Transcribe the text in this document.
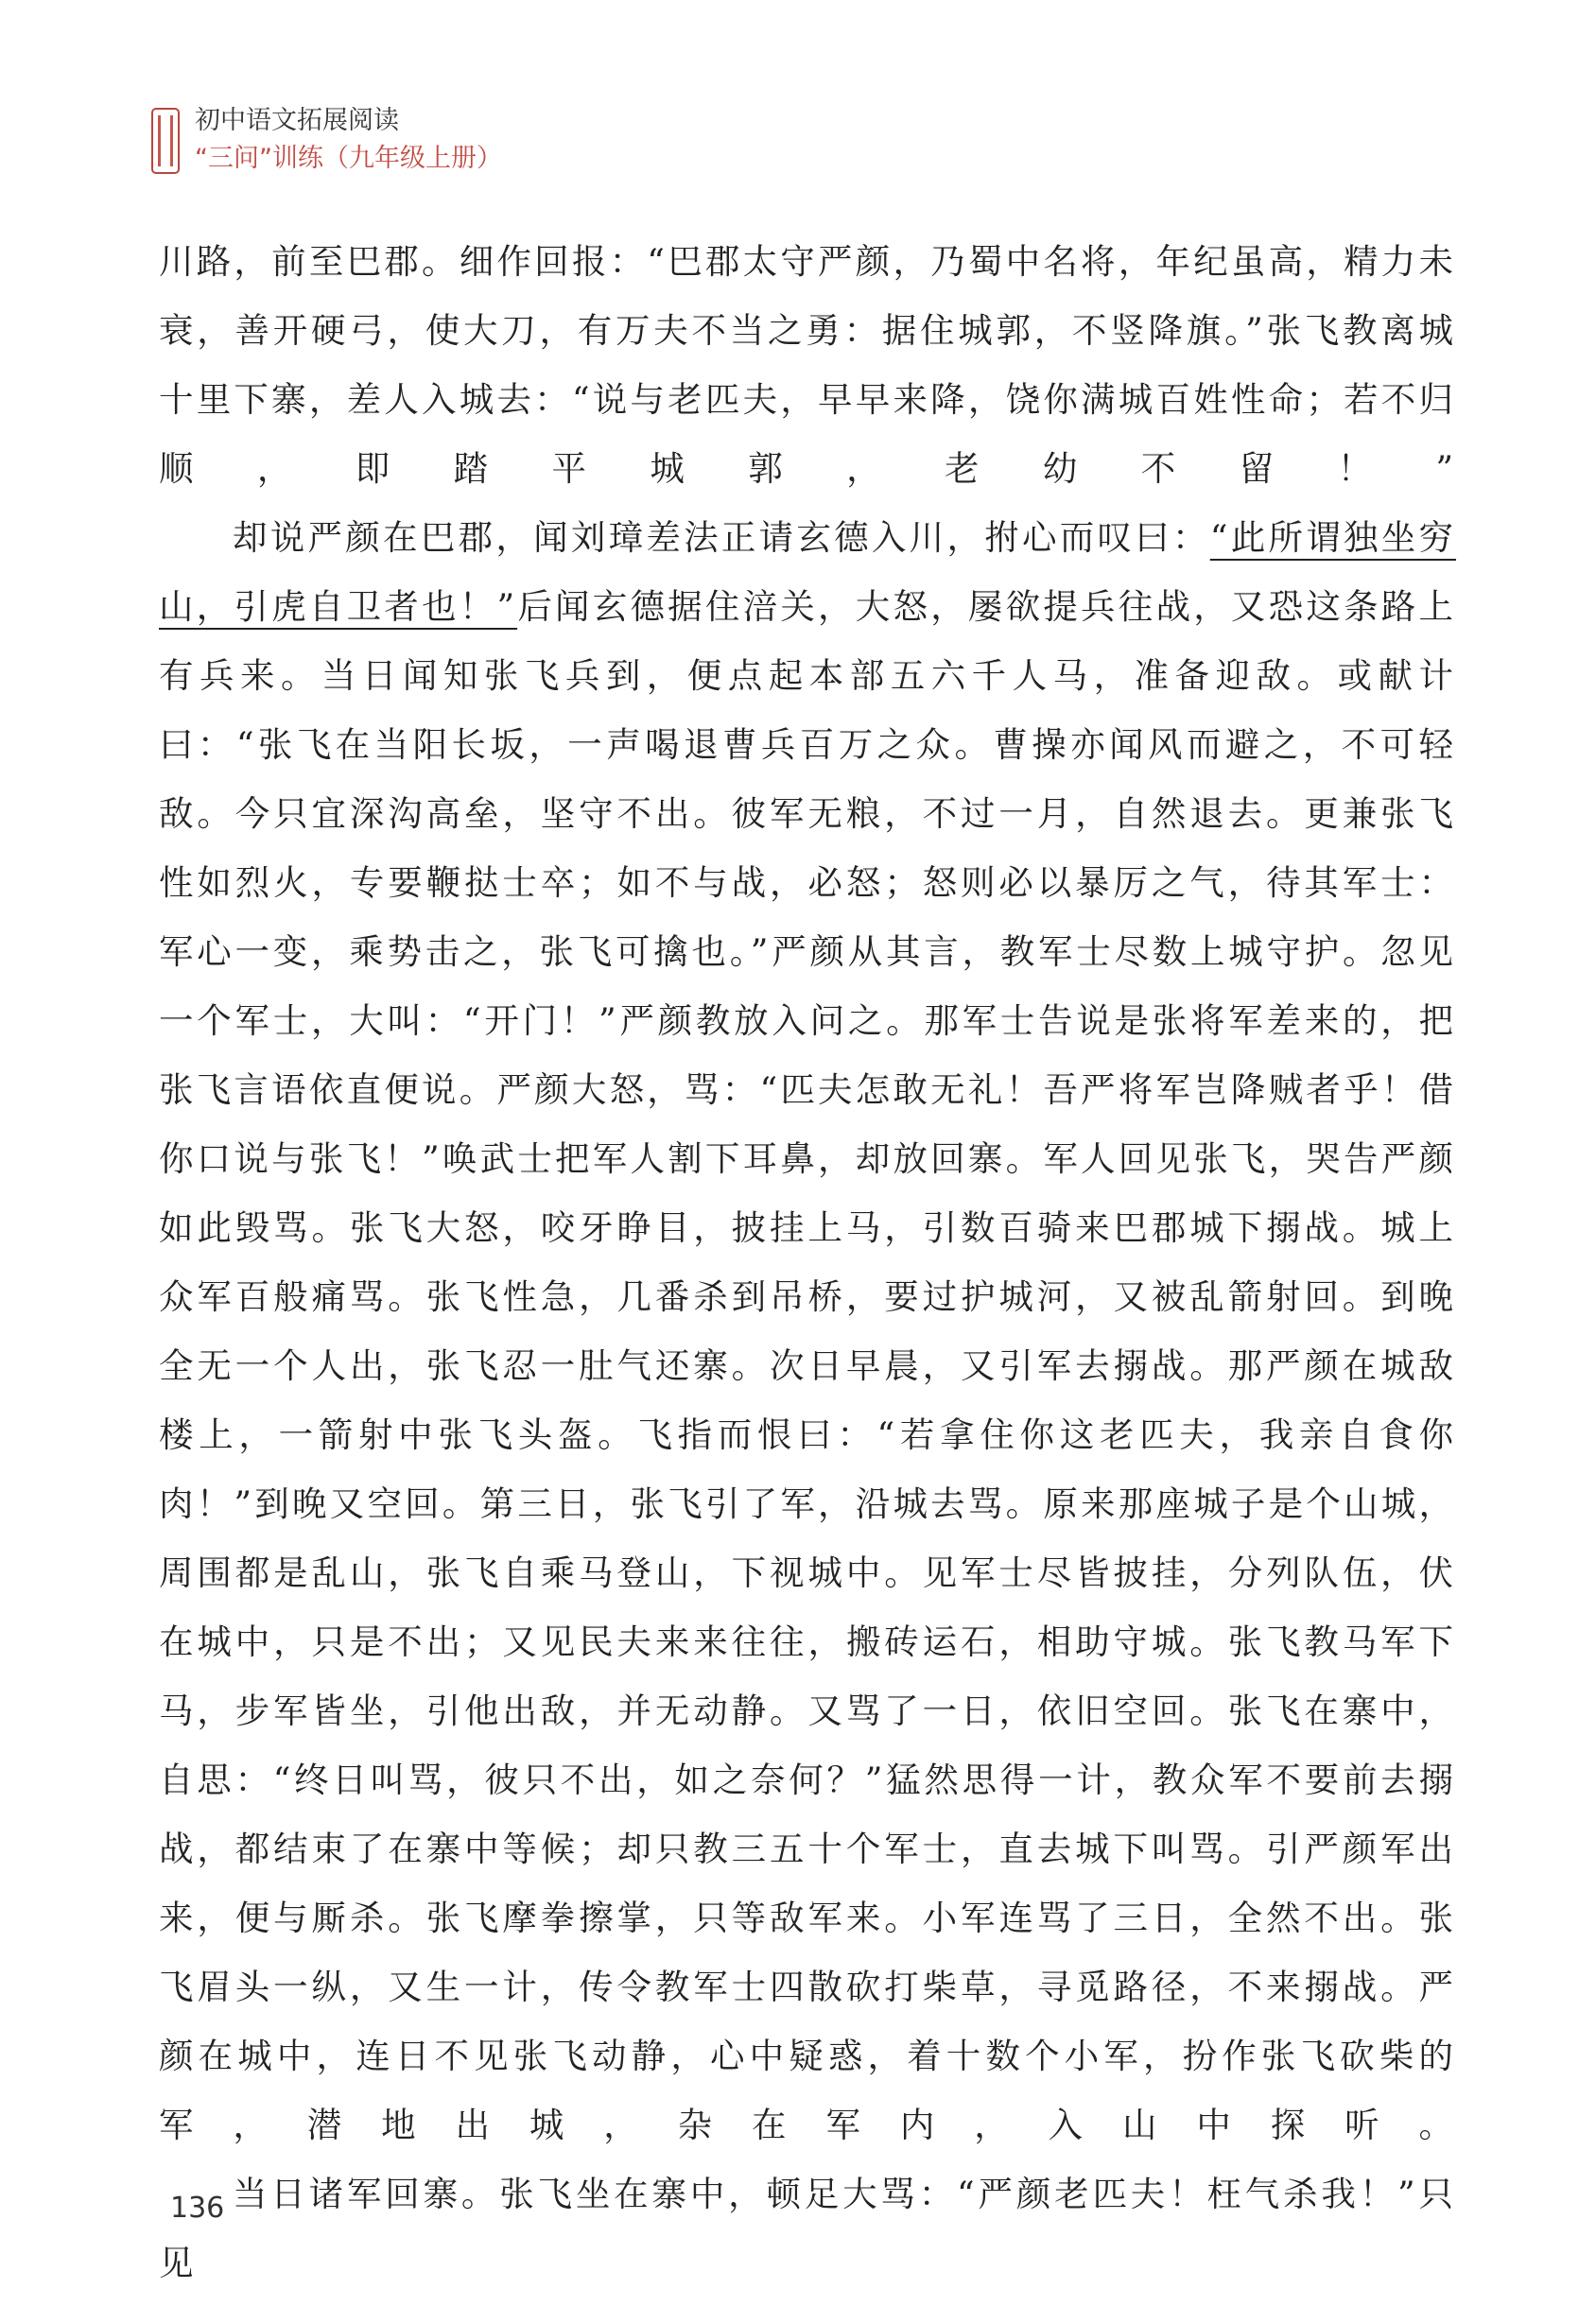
初中语文拓展阅读
“三问”训练（九年级上册）

川路，前至巴郡。细作回报：“巴郡太守严颜，乃蜀中名将，年纪虽高，精力未衰，善开硬弓，使大刀，有万夫不当之勇：据住城郭，不竖降旗。”张飞教离城十里下寨，差人入城去：“说与老匹夫，早早来降，饶你满城百姓性命；若不归顺，即踏平城郭，老幼不留！”

却说严颜在巴郡，闻刘璋差法正请玄德入川，拊心而叹曰：“此所谓独坐穷山，引虎自卫者也！”后闻玄德据住涪关，大怒，屡欲提兵往战，又恐这条路上有兵来。当日闻知张飞兵到，便点起本部五六千人马，准备迎敌。或献计曰：“张飞在当阳长坂，一声喝退曹兵百万之众。曹操亦闻风而避之，不可轻敌。今只宜深沟高垒，坚守不出。彼军无粮，不过一月，自然退去。更兼张飞性如烈火，专要鞭挞士卒；如不与战，必怒；怒则必以暴厉之气，待其军士：军心一变，乘势击之，张飞可擒也。”严颜从其言，教军士尽数上城守护。忽见一个军士，大叫：“开门！”严颜教放入问之。那军士告说是张将军差来的，把张飞言语依直便说。严颜大怒，骂：“匹夫怎敢无礼！吾严将军岂降贼者乎！借你口说与张飞！”唤武士把军人割下耳鼻，却放回寨。军人回见张飞，哭告严颜如此毁骂。张飞大怒，咬牙睁目，披挂上马，引数百骑来巴郡城下搦战。城上众军百般痛骂。张飞性急，几番杀到吊桥，要过护城河，又被乱箭射回。到晚全无一个人出，张飞忍一肚气还寨。次日早晨，又引军去搦战。那严颜在城敌楼上，一箭射中张飞头盔。飞指而恨曰：“若拿住你这老匹夫，我亲自食你肉！”到晚又空回。第三日，张飞引了军，沿城去骂。原来那座城子是个山城，周围都是乱山，张飞自乘马登山，下视城中。见军士尽皆披挂，分列队伍，伏在城中，只是不出；又见民夫来来往往，搬砖运石，相助守城。张飞教马军下马，步军皆坐，引他出敌，并无动静。又骂了一日，依旧空回。张飞在寨中，自思：“终日叫骂，彼只不出，如之奈何？”猛然思得一计，教众军不要前去搦战，都结束了在寨中等候；却只教三五十个军士，直去城下叫骂。引严颜军出来，便与厮杀。张飞摩拳擦掌，只等敌军来。小军连骂了三日，全然不出。张飞眉头一纵，又生一计，传令教军士四散砍打柴草，寻觅路径，不来搦战。严颜在城中，连日不见张飞动静，心中疑惑，着十数个小军，扮作张飞砍柴的军，潜地出城，杂在军内，入山中探听。

当日诸军回寨。张飞坐在寨中，顿足大骂：“严颜老匹夫！枉气杀我！”只见

136
